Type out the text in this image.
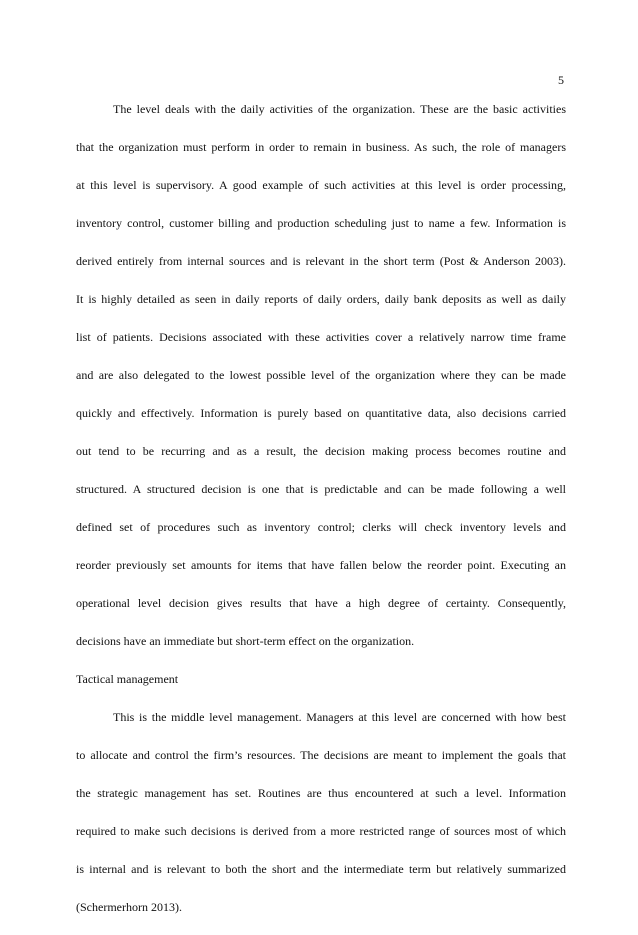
5
The level deals with the daily activities of the organization. These are the basic activities
that the organization must perform in order to remain in business. As such, the role of managers
at this level is supervisory. A good example of such activities at this level is order processing,
inventory control, customer billing and production scheduling just to name a few. Information is
derived entirely from internal sources and is relevant in the short term (Post & Anderson 2003).
It is highly detailed as seen in daily reports of daily orders, daily bank deposits as well as daily
list of patients. Decisions associated with these activities cover a relatively narrow time frame
and are also delegated to the lowest possible level of the organization where they can be made
quickly and effectively. Information is purely based on quantitative data, also decisions carried
out tend to be recurring and as a result, the decision making process becomes routine and
structured. A structured decision is one that is predictable and can be made following a well
defined set of procedures such as inventory control; clerks will check inventory levels and
reorder previously set amounts for items that have fallen below the reorder point. Executing an
operational level decision gives results that have a high degree of certainty. Consequently,
decisions have an immediate but short-term effect on the organization.
Tactical management
This is the middle level management. Managers at this level are concerned with how best
to allocate and control the firm’s resources. The decisions are meant to implement the goals that
the strategic management has set. Routines are thus encountered at such a level. Information
required to make such decisions is derived from a more restricted range of sources most of which
is internal and is relevant to both the short and the intermediate term but relatively summarized
(Schermerhorn 2013).
